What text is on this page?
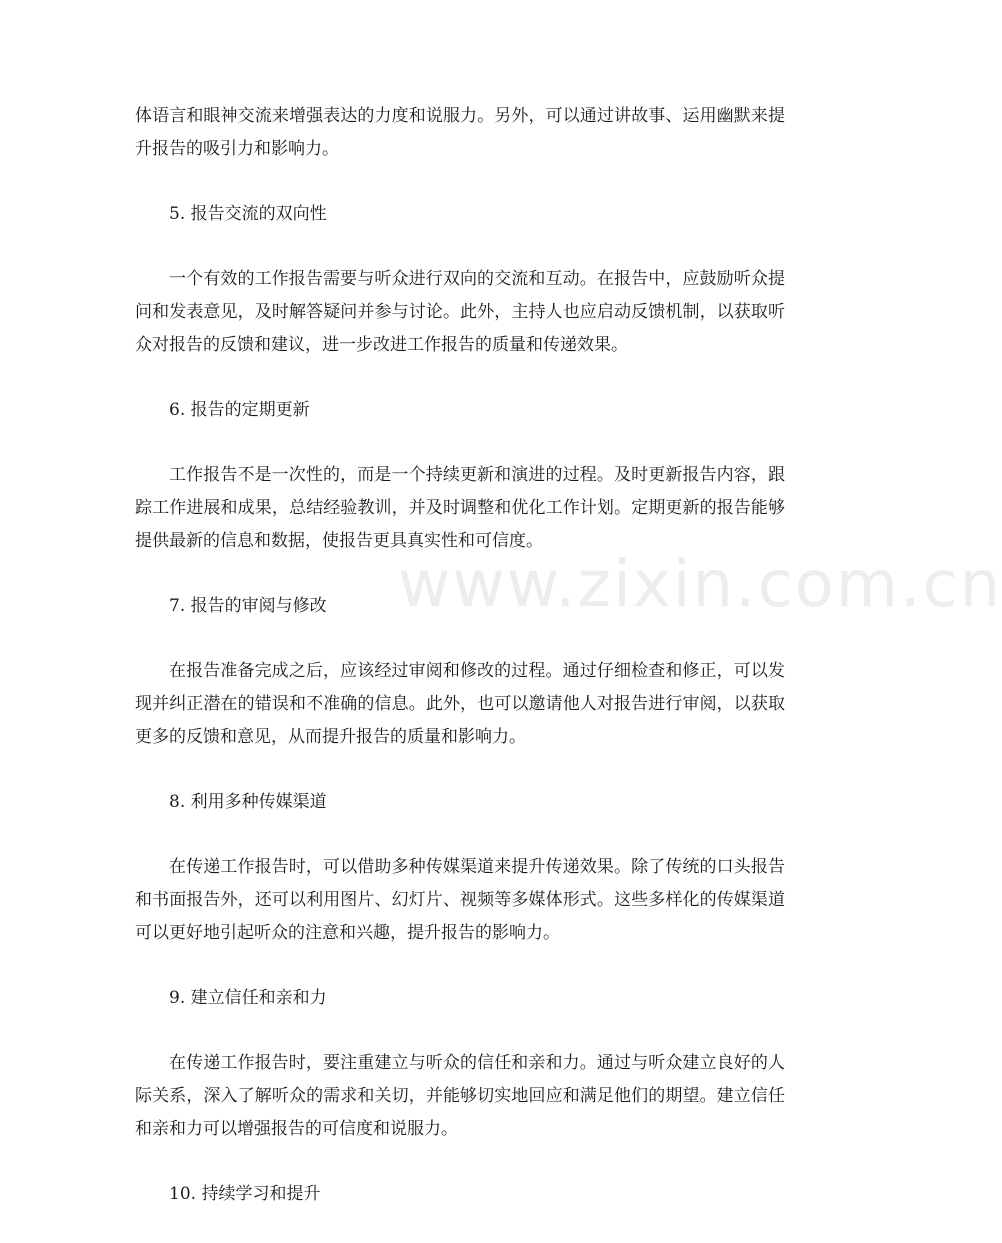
体语言和眼神交流来增强表达的力度和说服力。另外，可以通过讲故事、运用幽默来提升报告的吸引力和影响力。

5. 报告交流的双向性

一个有效的工作报告需要与听众进行双向的交流和互动。在报告中，应鼓励听众提问和发表意见，及时解答疑问并参与讨论。此外，主持人也应启动反馈机制，以获取听众对报告的反馈和建议，进一步改进工作报告的质量和传递效果。

6. 报告的定期更新

工作报告不是一次性的，而是一个持续更新和演进的过程。及时更新报告内容，跟踪工作进展和成果，总结经验教训，并及时调整和优化工作计划。定期更新的报告能够提供最新的信息和数据，使报告更具真实性和可信度。

7. 报告的审阅与修改

在报告准备完成之后，应该经过审阅和修改的过程。通过仔细检查和修正，可以发现并纠正潜在的错误和不准确的信息。此外，也可以邀请他人对报告进行审阅，以获取更多的反馈和意见，从而提升报告的质量和影响力。

8. 利用多种传媒渠道

在传递工作报告时，可以借助多种传媒渠道来提升传递效果。除了传统的口头报告和书面报告外，还可以利用图片、幻灯片、视频等多媒体形式。这些多样化的传媒渠道可以更好地引起听众的注意和兴趣，提升报告的影响力。

9. 建立信任和亲和力

在传递工作报告时，要注重建立与听众的信任和亲和力。通过与听众建立良好的人际关系，深入了解听众的需求和关切，并能够切实地回应和满足他们的期望。建立信任和亲和力可以增强报告的可信度和说服力。

10. 持续学习和提升

www.zixin.com.cn
